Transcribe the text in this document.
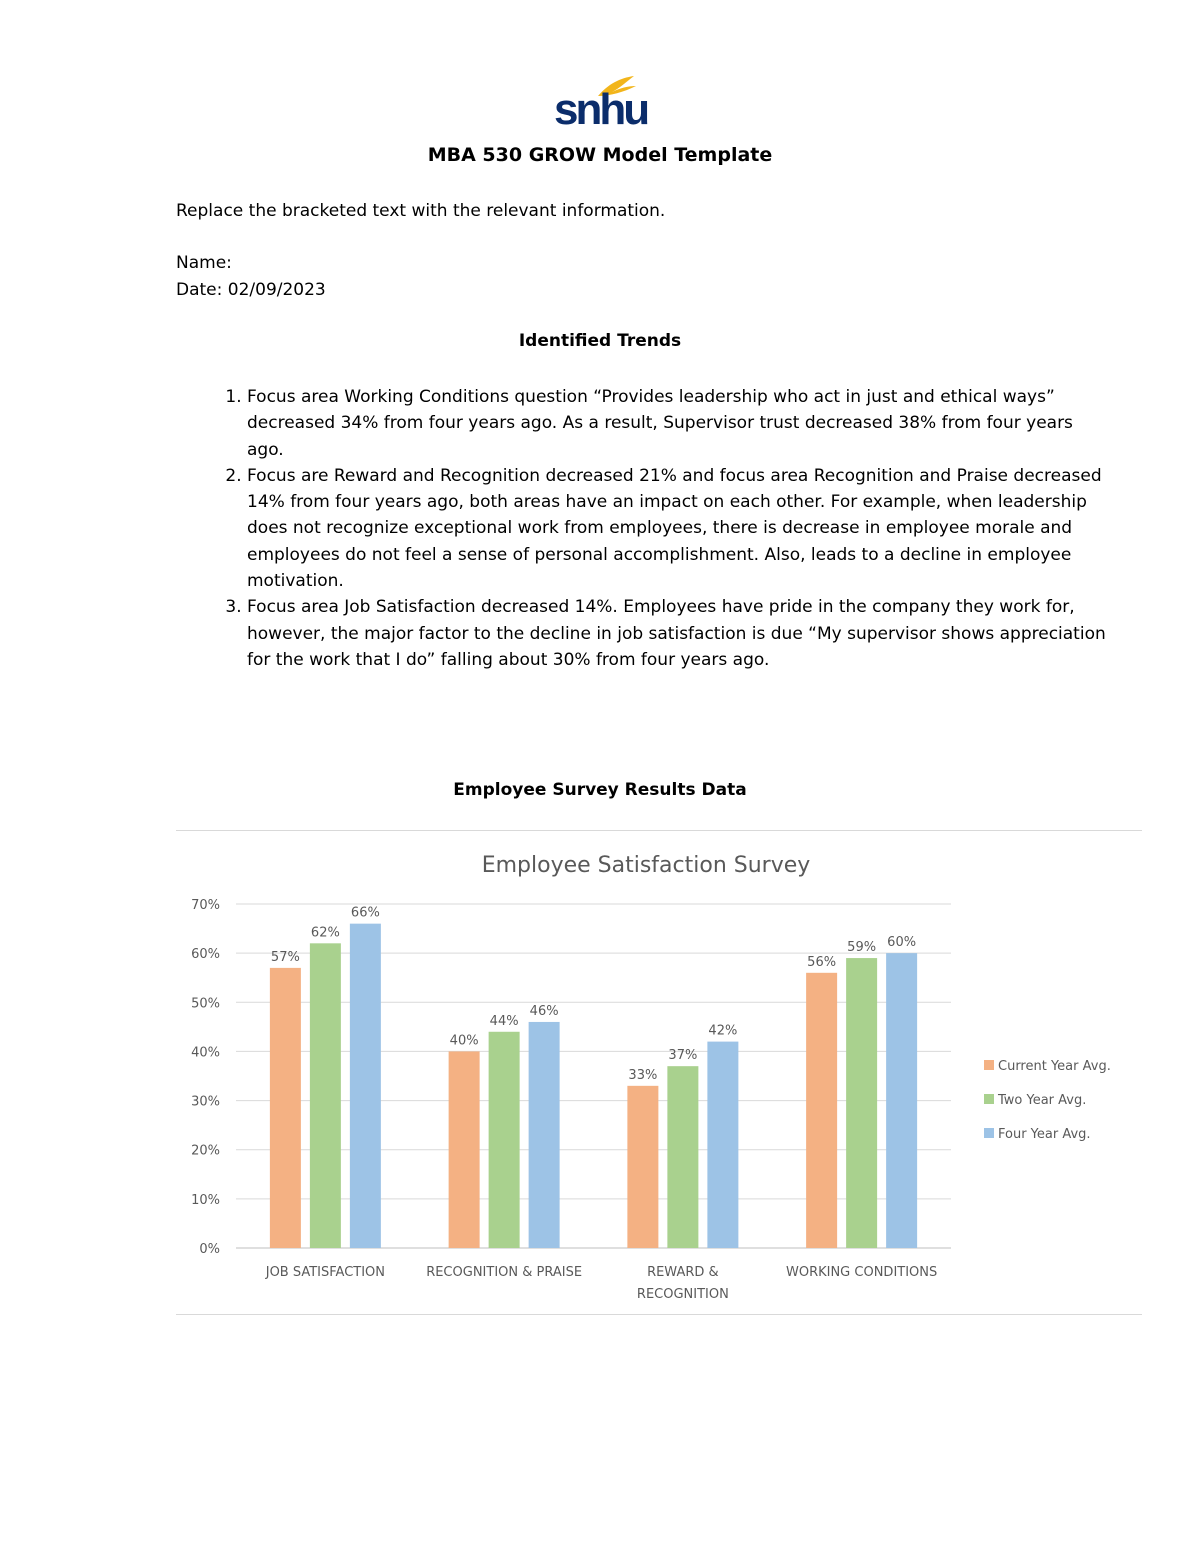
snhu
MBA 530 GROW Model Template
Replace the bracketed text with the relevant information.
Name:
Date: 02/09/2023
Identified Trends
1. Focus area Working Conditions question “Provides leadership who act in just and ethical ways” decreased 34% from four years ago. As a result, Supervisor trust decreased 38% from four years ago.
2. Focus are Reward and Recognition decreased 21% and focus area Recognition and Praise decreased 14% from four years ago, both areas have an impact on each other. For example, when leadership does not recognize exceptional work from employees, there is decrease in employee morale and employees do not feel a sense of personal accomplishment. Also, leads to a decline in employee motivation.
3. Focus area Job Satisfaction decreased 14%. Employees have pride in the company they work for, however, the major factor to the decline in job satisfaction is due “My supervisor shows appreciation for the work that I do” falling about 30% from four years ago.
Employee Survey Results Data
Employee Satisfaction Survey
0%
10%
20%
30%
40%
50%
60%
70%
57%
62%
66%
40%
44%
46%
33%
37%
42%
56%
59% 60%
JOB SATISFACTION	RECOGNITION & PRAISE	REWARD &
RECOGNITION
WORKING CONDITIONS
Current Year Avg.
Two Year Avg.
Four Year Avg.
